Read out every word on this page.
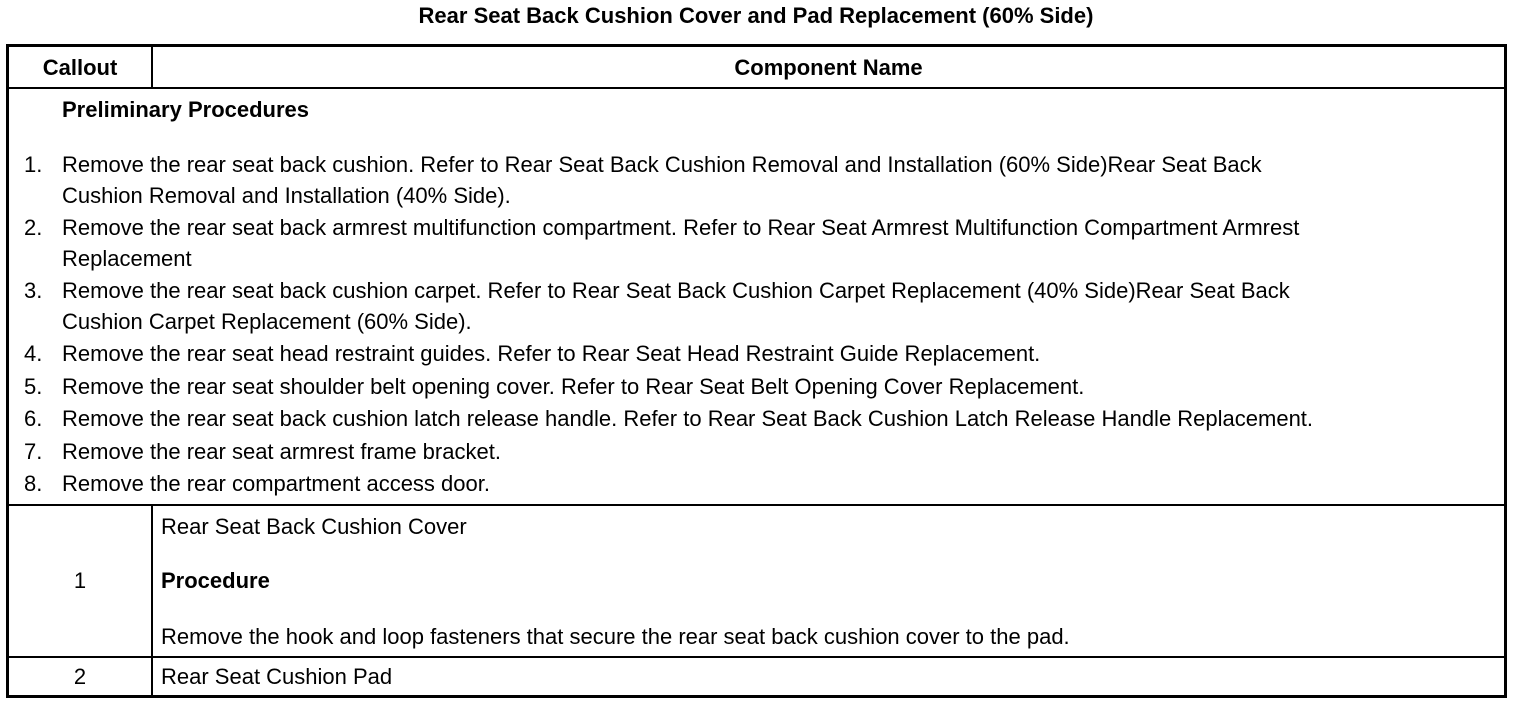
Rear Seat Back Cushion Cover and Pad Replacement (60% Side)
Callout	Component Name
Preliminary Procedures
1. Remove the rear seat back cushion. Refer to Rear Seat Back Cushion Removal and Installation (60% Side)Rear Seat Back
Cushion Removal and Installation (40% Side).
2. Remove the rear seat back armrest multifunction compartment. Refer to Rear Seat Armrest Multifunction Compartment Armrest
Replacement
3. Remove the rear seat back cushion carpet. Refer to Rear Seat Back Cushion Carpet Replacement (40% Side)Rear Seat Back
Cushion Carpet Replacement (60% Side).
4. Remove the rear seat head restraint guides. Refer to Rear Seat Head Restraint Guide Replacement.
5. Remove the rear seat shoulder belt opening cover. Refer to Rear Seat Belt Opening Cover Replacement.
6. Remove the rear seat back cushion latch release handle. Refer to Rear Seat Back Cushion Latch Release Handle Replacement.
7. Remove the rear seat armrest frame bracket.
8. Remove the rear compartment access door.
1
Rear Seat Back Cushion Cover
Procedure
Remove the hook and loop fasteners that secure the rear seat back cushion cover to the pad.
2	Rear Seat Cushion Pad
